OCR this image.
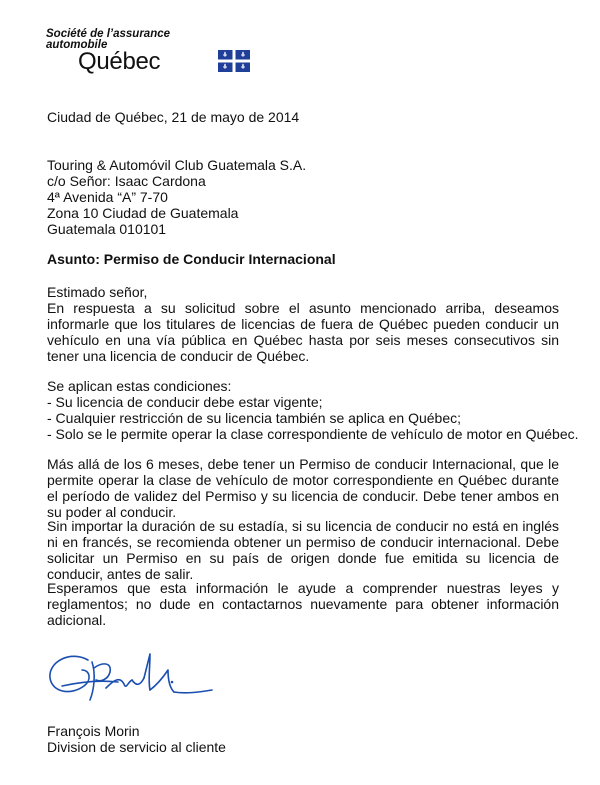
Société de l’assurance
automobile
Québec
Ciudad de Québec, 21 de mayo de 2014
Touring & Automóvil Club Guatemala S.A.
c/o Señor: Isaac Cardona
4ª Avenida “A” 7-70
Zona 10 Ciudad de Guatemala
Guatemala 010101
Asunto: Permiso de Conducir Internacional
Estimado señor,
En respuesta a su solicitud sobre el asunto mencionado arriba, deseamos informarle que los titulares de licencias de fuera de Québec pueden conducir un vehículo en una vía pública en Québec hasta por seis meses consecutivos sin tener una licencia de conducir de Québec.
Se aplican estas condiciones:
- Su licencia de conducir debe estar vigente;
- Cualquier restricción de su licencia también se aplica en Québec;
- Solo se le permite operar la clase correspondiente de vehículo de motor en Québec.
Más allá de los 6 meses, debe tener un Permiso de conducir Internacional, que le permite operar la clase de vehículo de motor correspondiente en Québec durante el período de validez del Permiso y su licencia de conducir. Debe tener ambos en su poder al conducir.
Sin importar la duración de su estadía, si su licencia de conducir no está en inglés ni en francés, se recomienda obtener un permiso de conducir internacional. Debe solicitar un Permiso en su país de origen donde fue emitida su licencia de conducir, antes de salir.
Esperamos que esta información le ayude a comprender nuestras leyes y reglamentos; no dude en contactarnos nuevamente para obtener información adicional.
François Morin
Division de servicio al cliente
